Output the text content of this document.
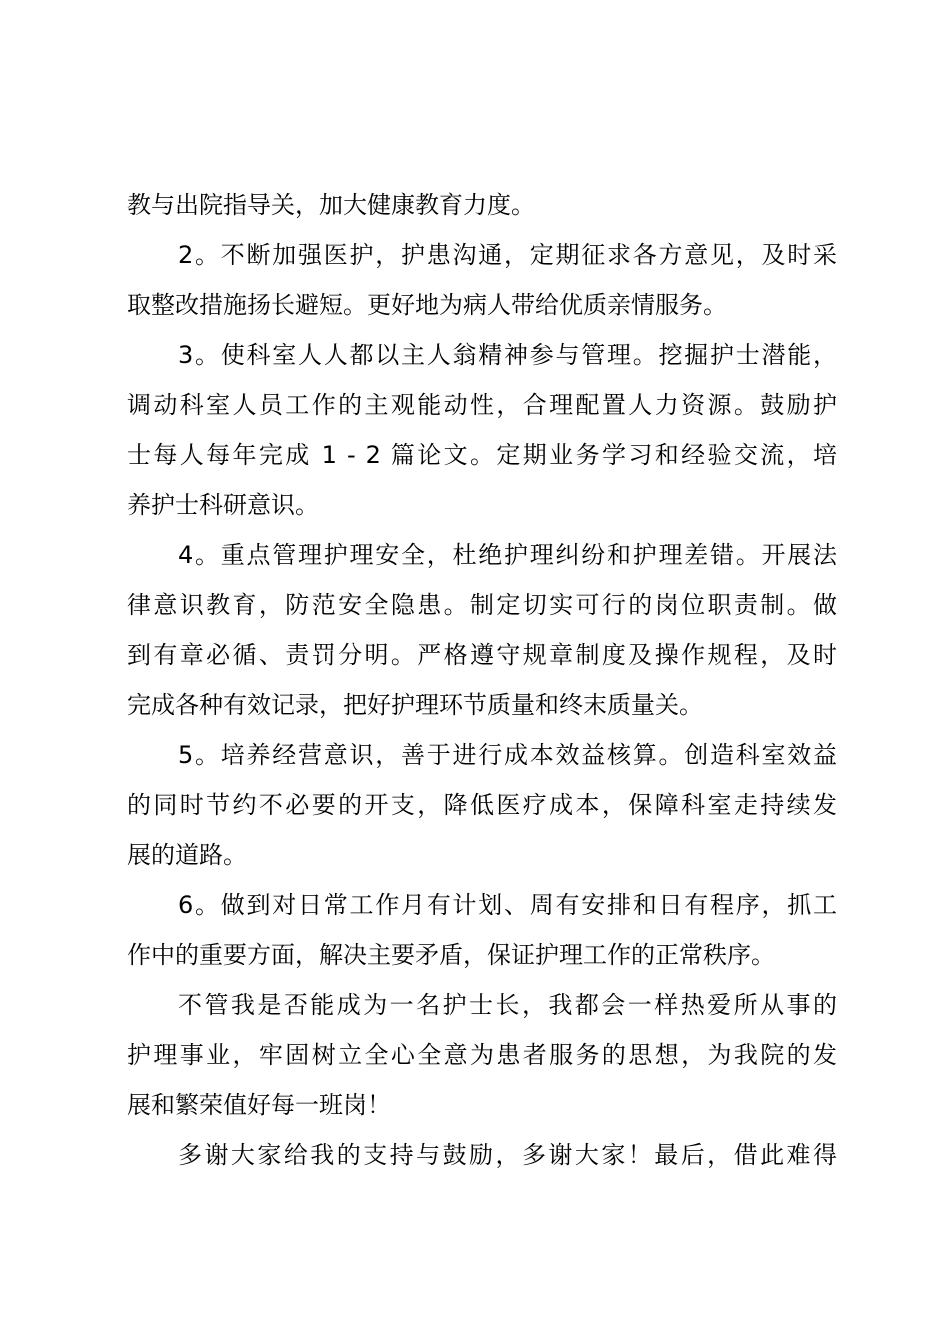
教与出院指导关，加大健康教育力度。
2。不断加强医护，护患沟通，定期征求各方意见，及时采
取整改措施扬长避短。更好地为病人带给优质亲情服务。
3。使科室人人都以主人翁精神参与管理。挖掘护士潜能，
调动科室人员工作的主观能动性，合理配置人力资源。鼓励护
士每人每年完成 1 - 2 篇论文。定期业务学习和经验交流，培
养护士科研意识。
4。重点管理护理安全，杜绝护理纠纷和护理差错。开展法
律意识教育，防范安全隐患。制定切实可行的岗位职责制。做
到有章必循、责罚分明。严格遵守规章制度及操作规程，及时
完成各种有效记录，把好护理环节质量和终末质量关。
5。培养经营意识，善于进行成本效益核算。创造科室效益
的同时节约不必要的开支，降低医疗成本，保障科室走持续发
展的道路。
6。做到对日常工作月有计划、周有安排和日有程序，抓工
作中的重要方面，解决主要矛盾，保证护理工作的正常秩序。
不管我是否能成为一名护士长，我都会一样热爱所从事的
护理事业，牢固树立全心全意为患者服务的思想，为我院的发
展和繁荣值好每一班岗！
多谢大家给我的支持与鼓励，多谢大家！最后，借此难得
